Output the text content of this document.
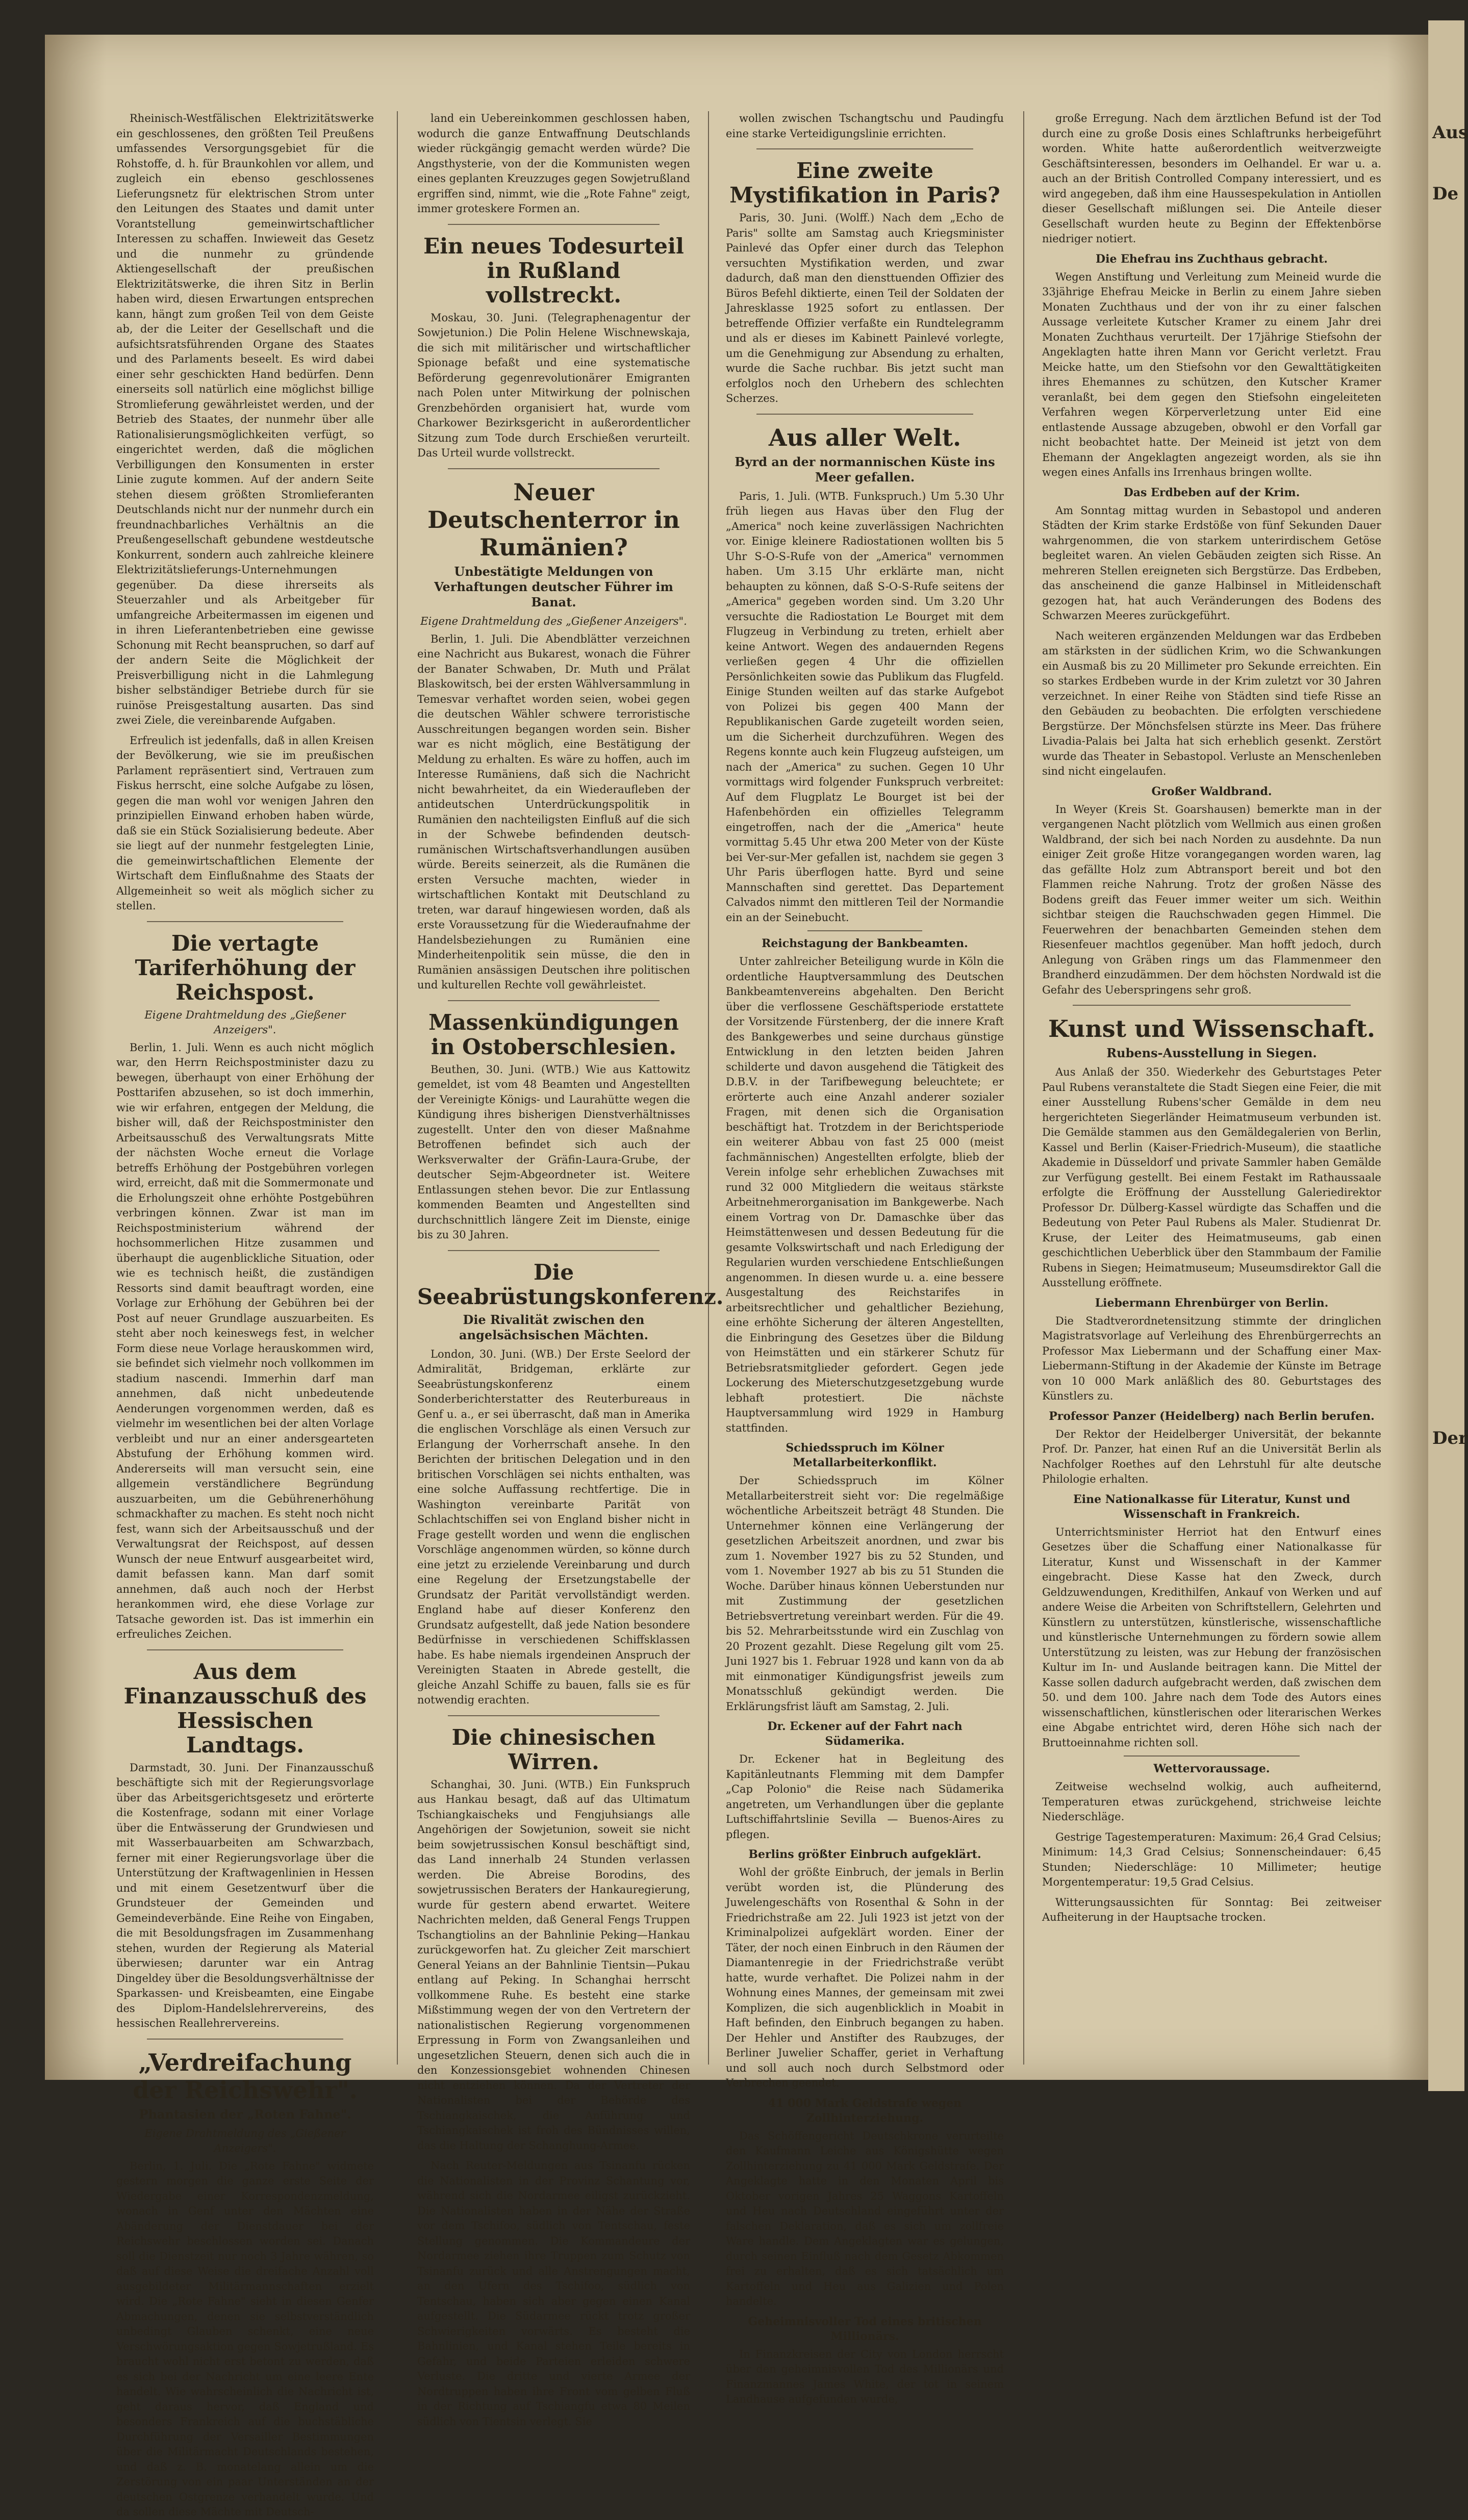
Rheinisch-Westfälischen Elektrizitätswerke ein geschlossenes, den größten Teil Preußens umfassendes Versorgungsgebiet für die Rohstoffe, d. h. für Braunkohlen vor allem, und zugleich ein ebenso geschlossenes Lieferungsnetz für elektrischen Strom unter den Leitungen des Staates und damit unter Vorantstellung gemeinwirtschaftlicher Interessen zu schaffen. Inwieweit das Gesetz und die nunmehr zu gründende Aktiengesellschaft der preußischen Elektrizitätswerke, die ihren Sitz in Berlin haben wird, diesen Erwartungen entsprechen kann, hängt zum großen Teil von dem Geiste ab, der die Leiter der Gesellschaft und die aufsichtsratsführenden Organe des Staates und des Parlaments beseelt. Es wird dabei einer sehr geschickten Hand bedürfen. Denn einerseits soll natürlich eine möglichst billige Stromlieferung gewährleistet werden, und der Betrieb des Staates, der nunmehr über alle Rationalisierungsmöglichkeiten verfügt, so eingerichtet werden, daß die möglichen Verbilligungen den Konsumenten in erster Linie zugute kommen. Auf der andern Seite stehen diesem größten Stromlieferanten Deutschlands nicht nur der nunmehr durch ein freundnachbarliches Verhältnis an die Preußengesellschaft gebundene westdeutsche Konkurrent, sondern auch zahlreiche kleinere Elektrizitätslieferungs-Unternehmungen gegenüber. Da diese ihrerseits als Steuerzahler und als Arbeitgeber für umfangreiche Arbeitermassen im eigenen und in ihren Lieferantenbetrieben eine gewisse Schonung mit Recht beanspruchen, so darf auf der andern Seite die Möglichkeit der Preisverbilligung nicht in die Lahmlegung bisher selbständiger Betriebe durch für sie ruinöse Preisgestaltung ausarten. Das sind zwei Ziele, die vereinbarende Aufgaben.

Erfreulich ist jedenfalls, daß in allen Kreisen der Bevölkerung, wie sie im preußischen Parlament repräsentiert sind, Vertrauen zum Fiskus herrscht, eine solche Aufgabe zu lösen, gegen die man wohl vor wenigen Jahren den prinzipiellen Einwand erhoben haben würde, daß sie ein Stück Sozialisierung bedeute. Aber sie liegt auf der nunmehr festgelegten Linie, die gemeinwirtschaftlichen Elemente der Wirtschaft dem Einflußnahme des Staats der Allgemeinheit so weit als möglich sicher zu stellen.

Die vertagte Tariferhöhung der Reichspost.
Eigene Drahtmeldung des „Gießener Anzeigers".

Berlin, 1. Juli. Wenn es auch nicht möglich war, den Herrn Reichspostminister dazu zu bewegen, überhaupt von einer Erhöhung der Posttarifen abzusehen, so ist doch immerhin, wie wir erfahren, entgegen der Meldung, die bisher will, daß der Reichspostminister den Arbeitsausschuß des Verwaltungsrats Mitte der nächsten Woche erneut die Vorlage betreffs Erhöhung der Postgebühren vorlegen wird, erreicht, daß mit die Sommermonate und die Erholungszeit ohne erhöhte Postgebühren verbringen können. Zwar ist man im Reichspostministerium während der hochsommerlichen Hitze zusammen und überhaupt die augenblickliche Situation, oder wie es technisch heißt, die zuständigen Ressorts sind damit beauftragt worden, eine Vorlage zur Erhöhung der Gebühren bei der Post auf neuer Grundlage auszuarbeiten. Es steht aber noch keineswegs fest, in welcher Form diese neue Vorlage herauskommen wird, sie befindet sich vielmehr noch vollkommen im stadium nascendi. Immerhin darf man annehmen, daß nicht unbedeutende Aenderungen vorgenommen werden, daß es vielmehr im wesentlichen bei der alten Vorlage verbleibt und nur an einer andersgearteten Abstufung der Erhöhung kommen wird. Andererseits will man versucht sein, eine allgemein verständlichere Begründung auszuarbeiten, um die Gebührenerhöhung schmackhafter zu machen. Es steht noch nicht fest, wann sich der Arbeitsausschuß und der Verwaltungsrat der Reichspost, auf dessen Wunsch der neue Entwurf ausgearbeitet wird, damit befassen kann. Man darf somit annehmen, daß auch noch der Herbst herankommen wird, ehe diese Vorlage zur Tatsache geworden ist. Das ist immerhin ein erfreuliches Zeichen.

Aus dem Finanzausschuß des Hessischen Landtags.

Darmstadt, 30. Juni. Der Finanzausschuß beschäftigte sich mit der Regierungsvorlage über das Arbeitsgerichtsgesetz und erörterte die Kostenfrage, sodann mit einer Vorlage über die Entwässerung der Grundwiesen und mit Wasserbauarbeiten am Schwarzbach, ferner mit einer Regierungsvorlage über die Unterstützung der Kraftwagenlinien in Hessen und mit einem Gesetzentwurf über die Grundsteuer der Gemeinden und Gemeindeverbände. Eine Reihe von Eingaben, die mit Besoldungsfragen im Zusammenhang stehen, wurden der Regierung als Material überwiesen; darunter war ein Antrag Dingeldey über die Besoldungsverhältnisse der Sparkassen- und Kreisbeamten, eine Eingabe des Diplom-Handelslehrervereins, des hessischen Reallehrervereins.

„Verdreifachung der Reichswehr".
Phantasien der „Roten Fahne".
Eigene Drahtmeldung des „Gießener Anzeigers".

Berlin, 1. Juli. Die „Rote Fahne" widmete gestern morgen die ganze erste Seite der Wiedergabe einer Korrespondenzmeldung, wonach in Genf unter den Mächten eine Abänderung der Dienstdauer bei der Reichswehr beschlossen worden sei. Danach soll die Dienstzeit nur noch 3 Jahre währen, so daß auf diese Weise die dreifache Anzahl voll ausgebildeter Militärmannschaften erzielt wird. Die „Rote Fahne" sieht in diesen Genfer Abmachungen, denen sie selbstverständlich unbedingt Glauben schenkt, eine neue Verschwörungsaktion gegen Sowjetrußland. Es braucht wohl nicht erst betont zu werden, daß es sich bei der Nachricht um eine leere Ente handelt. Wie wahrscheinlich die Nachricht ist, geht daraus hervor, daß England und besonders Frankreich auf die buchstäbliche Durchführung der Versailler Bestimmungen über die Militärmacht Deutschlands bestehen, und daß z. B. monatelang allein um die Zerstörung von ein paar Unterständen an der deutschen Ostgrenze verhandelt wurde. Und da sollen diese Mächte mit Deutsch-

land ein Uebereinkommen geschlossen haben, wodurch die ganze Entwaffnung Deutschlands wieder rückgängig gemacht werden würde? Die Angsthysterie, von der die Kommunisten wegen eines geplanten Kreuzzuges gegen Sowjetrußland ergriffen sind, nimmt, wie die „Rote Fahne" zeigt, immer groteskere Formen an.

Ein neues Todesurteil in Rußland vollstreckt.

Moskau, 30. Juni. (Telegraphenagentur der Sowjetunion.) Die Polin Helene Wischnewskaja, die sich mit militärischer und wirtschaftlicher Spionage befaßt und eine systematische Beförderung gegenrevolutionärer Emigranten nach Polen unter Mitwirkung der polnischen Grenzbehörden organisiert hat, wurde vom Charkower Bezirksgericht in außerordentlicher Sitzung zum Tode durch Erschießen verurteilt. Das Urteil wurde vollstreckt.

Neuer Deutschenterror in Rumänien?
Unbestätigte Meldungen von Verhaftungen deutscher Führer im Banat.
Eigene Drahtmeldung des „Gießener Anzeigers".

Berlin, 1. Juli. Die Abendblätter verzeichnen eine Nachricht aus Bukarest, wonach die Führer der Banater Schwaben, Dr. Muth und Prälat Blaskowitsch, bei der ersten Wählversammlung in Temesvar verhaftet worden seien, wobei gegen die deutschen Wähler schwere terroristische Ausschreitungen begangen worden sein. Bisher war es nicht möglich, eine Bestätigung der Meldung zu erhalten. Es wäre zu hoffen, auch im Interesse Rumäniens, daß sich die Nachricht nicht bewahrheitet, da ein Wiederaufleben der antideutschen Unterdrückungspolitik in Rumänien den nachteiligsten Einfluß auf die sich in der Schwebe befindenden deutsch-rumänischen Wirtschaftsverhandlungen ausüben würde. Bereits seinerzeit, als die Rumänen die ersten Versuche machten, wieder in wirtschaftlichen Kontakt mit Deutschland zu treten, war darauf hingewiesen worden, daß als erste Voraussetzung für die Wiederaufnahme der Handelsbeziehungen zu Rumänien eine Minderheitenpolitik sein müsse, die den in Rumänien ansässigen Deutschen ihre politischen und kulturellen Rechte voll gewährleistet.

Massenkündigungen in Ostoberschlesien.

Beuthen, 30. Juni. (WTB.) Wie aus Kattowitz gemeldet, ist vom 48 Beamten und Angestellten der Vereinigte Königs- und Laurahütte wegen die Kündigung ihres bisherigen Dienstverhältnisses zugestellt. Unter den von dieser Maßnahme Betroffenen befindet sich auch der Werksverwalter der Gräfin-Laura-Grube, der deutscher Sejm-Abgeordneter ist. Weitere Entlassungen stehen bevor. Die zur Entlassung kommenden Beamten und Angestellten sind durchschnittlich längere Zeit im Dienste, einige bis zu 30 Jahren.

Die Seeabrüstungskonferenz.
Die Rivalität zwischen den angelsächsischen Mächten.

London, 30. Juni. (WB.) Der Erste Seelord der Admiralität, Bridgeman, erklärte zur Seeabrüstungskonferenz einem Sonderberichterstatter des Reuterbureaus in Genf u. a., er sei überrascht, daß man in Amerika die englischen Vorschläge als einen Versuch zur Erlangung der Vorherrschaft ansehe. In den Berichten der britischen Delegation und in den britischen Vorschlägen sei nichts enthalten, was eine solche Auffassung rechtfertige. Die in Washington vereinbarte Parität von Schlachtschiffen sei von England bisher nicht in Frage gestellt worden und wenn die englischen Vorschläge angenommen würden, so könne durch eine jetzt zu erzielende Vereinbarung und durch eine Regelung der Ersetzungstabelle der Grundsatz der Parität vervollständigt werden. England habe auf dieser Konferenz den Grundsatz aufgestellt, daß jede Nation besondere Bedürfnisse in verschiedenen Schiffsklassen habe. Es habe niemals irgendeinen Anspruch der Vereinigten Staaten in Abrede gestellt, die gleiche Anzahl Schiffe zu bauen, falls sie es für notwendig erachten.

Die chinesischen Wirren.

Schanghai, 30. Juni. (WTB.) Ein Funkspruch aus Hankau besagt, daß auf das Ultimatum Tschiangkaischeks und Fengjuhsiangs alle Angehörigen der Sowjetunion, soweit sie nicht beim sowjetrussischen Konsul beschäftigt sind, das Land innerhalb 24 Stunden verlassen werden. Die Abreise Borodins, des sowjetrussischen Beraters der Hankauregierung, wurde für gestern abend erwartet. Weitere Nachrichten melden, daß General Fengs Truppen Tschangtiolins an der Bahnlinie Peking—Hankau zurückgeworfen hat. Zu gleicher Zeit marschiert General Yeians an der Bahnlinie Tientsin—Pukau entlang auf Peking. In Schanghai herrscht vollkommene Ruhe. Es besteht eine starke Mißstimmung wegen der von den Vertretern der nationalistischen Regierung vorgenommenen Erpressung in Form von Zwangsanleihen und ungesetzlichen Steuern, denen sich auch die in den Konzessionsgebiet wohnenden Chinesen nicht entziehen können. Da der Vertreter der Nationalisten bei der Behörde des Tschiangkaischek, die Anführung und Tschiangkaischek ist froh des Bündnisses willen, das die Haltung der Schanghung-Armee.

Nach Reuter-Meldungen aus Tsinanfu rücken die Nationalisten in der Provinz Schantung vor, während sich die Nordarmee eiligst zurückzieht. Die Nationalisten haben in der Nähe der Straße vor dem Tschifoo, südlich von Tentschau, feste Stellung genommen. Die Kommandeure der Nordarmee ziehen ihre Truppen zum Schutz von Tsinanfu zurück und alle Anstrengungen macht, an den Ufern des Tschifoo, südlich von Tentschau, haben sich aber gegen einen Kanal aufgestellt. Die Südarmee rückt trotz großer Schwierigkeiten vorwärts. Es besteht die Bahnlinien, und Kanal stehen Teile bereits in Gefahr, und beide Parteien erleiden schwere Verluste. Die dritte und vierte Armee der Nordtruppen haben ihre Front vom gelben Fluß in der Richtung auf Tschiangfu etwa 80 Meilen südlich von Tientsin verlegt. Sie

wollen zwischen Tschangtschu und Paudingfu eine starke Verteidigungslinie errichten.

Eine zweite Mystifikation in Paris?

Paris, 30. Juni. (Wolff.) Nach dem „Echo de Paris" sollte am Samstag auch Kriegsminister Painlevé das Opfer einer durch das Telephon versuchten Mystifikation werden, und zwar dadurch, daß man den diensttuenden Offizier des Büros Befehl diktierte, einen Teil der Soldaten der Jahresklasse 1925 sofort zu entlassen. Der betreffende Offizier verfaßte ein Rundtelegramm und als er dieses im Kabinett Painlevé vorlegte, um die Genehmigung zur Absendung zu erhalten, wurde die Sache ruchbar. Bis jetzt sucht man erfolglos noch den Urhebern des schlechten Scherzes.

Aus aller Welt.
Byrd an der normannischen Küste ins Meer gefallen.

Paris, 1. Juli. (WTB. Funkspruch.) Um 5.30 Uhr früh liegen aus Havas über den Flug der „America" noch keine zuverlässigen Nachrichten vor. Einige kleinere Radiostationen wollten bis 5 Uhr S-O-S-Rufe von der „America" vernommen haben. Um 3.15 Uhr erklärte man, nicht behaupten zu können, daß S-O-S-Rufe seitens der „America" gegeben worden sind. Um 3.20 Uhr versuchte die Radiostation Le Bourget mit dem Flugzeug in Verbindung zu treten, erhielt aber keine Antwort. Wegen des andauernden Regens verließen gegen 4 Uhr die offiziellen Persönlichkeiten sowie das Publikum das Flugfeld. Einige Stunden weilten auf das starke Aufgebot von Polizei bis gegen 400 Mann der Republikanischen Garde zugeteilt worden seien, um die Sicherheit durchzuführen. Wegen des Regens konnte auch kein Flugzeug aufsteigen, um nach der „America" zu suchen. Gegen 10 Uhr vormittags wird folgender Funkspruch verbreitet: Auf dem Flugplatz Le Bourget ist bei der Hafenbehörden ein offizielles Telegramm eingetroffen, nach der die „America" heute vormittag 5.45 Uhr etwa 200 Meter von der Küste bei Ver-sur-Mer gefallen ist, nachdem sie gegen 3 Uhr Paris überflogen hatte. Byrd und seine Mannschaften sind gerettet. Das Departement Calvados nimmt den mittleren Teil der Normandie ein an der Seinebucht.

Reichstagung der Bankbeamten.

Unter zahlreicher Beteiligung wurde in Köln die ordentliche Hauptversammlung des Deutschen Bankbeamtenvereins abgehalten. Den Bericht über die verflossene Geschäftsperiode erstattete der Vorsitzende Fürstenberg, der die innere Kraft des Bankgewerbes und seine durchaus günstige Entwicklung in den letzten beiden Jahren schilderte und davon ausgehend die Tätigkeit des D.B.V. in der Tarifbewegung beleuchtete; er erörterte auch eine Anzahl anderer sozialer Fragen, mit denen sich die Organisation beschäftigt hat. Trotzdem in der Berichtsperiode ein weiterer Abbau von fast 25 000 (meist fachmännischen) Angestellten erfolgte, blieb der Verein infolge sehr erheblichen Zuwachses mit rund 32 000 Mitgliedern die weitaus stärkste Arbeitnehmerorganisation im Bankgewerbe. Nach einem Vortrag von Dr. Damaschke über das Heimstättenwesen und dessen Bedeutung für die gesamte Volkswirtschaft und nach Erledigung der Regularien wurden verschiedene Entschließungen angenommen. In diesen wurde u. a. eine bessere Ausgestaltung des Reichstarifes in arbeitsrechtlicher und gehaltlicher Beziehung, eine erhöhte Sicherung der älteren Angestellten, die Einbringung des Gesetzes über die Bildung von Heimstätten und ein stärkerer Schutz für Betriebsratsmitglieder gefordert. Gegen jede Lockerung des Mieterschutzgesetzgebung wurde lebhaft protestiert. Die nächste Hauptversammlung wird 1929 in Hamburg stattfinden.

Schiedsspruch im Kölner Metallarbeiterkonflikt.

Der Schiedsspruch im Kölner Metallarbeiterstreit sieht vor: Die regelmäßige wöchentliche Arbeitszeit beträgt 48 Stunden. Die Unternehmer können eine Verlängerung der gesetzlichen Arbeitszeit anordnen, und zwar bis zum 1. November 1927 bis zu 52 Stunden, und vom 1. November 1927 ab bis zu 51 Stunden die Woche. Darüber hinaus können Ueberstunden nur mit Zustimmung der gesetzlichen Betriebsvertretung vereinbart werden. Für die 49. bis 52. Mehrarbeitsstunde wird ein Zuschlag von 20 Prozent gezahlt. Diese Regelung gilt vom 25. Juni 1927 bis 1. Februar 1928 und kann von da ab mit einmonatiger Kündigungsfrist jeweils zum Monatsschluß gekündigt werden. Die Erklärungsfrist läuft am Samstag, 2. Juli.

Dr. Eckener auf der Fahrt nach Südamerika.

Dr. Eckener hat in Begleitung des Kapitänleutnants Flemming mit dem Dampfer „Cap Polonio" die Reise nach Südamerika angetreten, um Verhandlungen über die geplante Luftschiffahrtslinie Sevilla — Buenos-Aires zu pflegen.

Berlins größter Einbruch aufgeklärt.

Wohl der größte Einbruch, der jemals in Berlin verübt worden ist, die Plünderung des Juwelengeschäfts von Rosenthal & Sohn in der Friedrichstraße am 22. Juli 1923 ist jetzt von der Kriminalpolizei aufgeklärt worden. Einer der Täter, der noch einen Einbruch in den Räumen der Diamantenregie in der Friedrichstraße verübt hatte, wurde verhaftet. Die Polizei nahm in der Wohnung eines Mannes, der gemeinsam mit zwei Komplizen, die sich augenblicklich in Moabit in Haft befinden, den Einbruch begangen zu haben. Der Hehler und Anstifter des Raubzuges, der Berliner Juwelier Schaffer, geriet in Verhaftung und soll auch noch durch Selbstmord oder Verbrechen geendet.

41 000 Mark Geldstrafe wegen Zollhinterziehung.

Das Schöffengericht Deutschkrone verurteilte den Kaufmann Leiche aus Königshütte wegen Zollhinterziehung zu 41 000 Mark Geldstrafe. Der Angeklagte hatte in den Monaten April bis Oktober vorigen Jahres 25 Waggons Kartoffeln und Heu nach Deutschland eingeführt unter der falschen Deklaration, daß es sich um zollfreie Ware handle. Dem Angeklagten war es gelungen, durch seinen Einfluß nach dem Gesetz Abkommen frei zu erhalten, daß es sich tatsächlich um Kartoffeln und Heu aus Galizien und Polen handelte.

Geheimnisvoller Tod eines britischen Millionärs.

In Finanzkreisen der City von London herrscht über den geheimnisvollen Tod des Millionärs und Finanzmannes James White, der tot in seinem Landhause aufgefunden wurde,

große Erregung. Nach dem ärztlichen Befund ist der Tod durch eine zu große Dosis eines Schlaftrunks herbeigeführt worden. White hatte außerordentlich weitverzweigte Geschäftsinteressen, besonders im Oelhandel. Er war u. a. auch an der British Controlled Company interessiert, und es wird angegeben, daß ihm eine Haussespekulation in Antiollen dieser Gesellschaft mißlungen sei. Die Anteile dieser Gesellschaft wurden heute zu Beginn der Effektenbörse niedriger notiert.

Die Ehefrau ins Zuchthaus gebracht.

Wegen Anstiftung und Verleitung zum Meineid wurde die 33jährige Ehefrau Meicke in Berlin zu einem Jahre sieben Monaten Zuchthaus und der von ihr zu einer falschen Aussage verleitete Kutscher Kramer zu einem Jahr drei Monaten Zuchthaus verurteilt. Der 17jährige Stiefsohn der Angeklagten hatte ihren Mann vor Gericht verletzt. Frau Meicke hatte, um den Stiefsohn vor den Gewalttätigkeiten ihres Ehemannes zu schützen, den Kutscher Kramer veranlaßt, bei dem gegen den Stiefsohn eingeleiteten Verfahren wegen Körperverletzung unter Eid eine entlastende Aussage abzugeben, obwohl er den Vorfall gar nicht beobachtet hatte. Der Meineid ist jetzt von dem Ehemann der Angeklagten angezeigt worden, als sie ihn wegen eines Anfalls ins Irrenhaus bringen wollte.

Das Erdbeben auf der Krim.

Am Sonntag mittag wurden in Sebastopol und anderen Städten der Krim starke Erdstöße von fünf Sekunden Dauer wahrgenommen, die von starkem unterirdischem Getöse begleitet waren. An vielen Gebäuden zeigten sich Risse. An mehreren Stellen ereigneten sich Bergstürze. Das Erdbeben, das anscheinend die ganze Halbinsel in Mitleidenschaft gezogen hat, hat auch Veränderungen des Bodens des Schwarzen Meeres zurückgeführt.

Nach weiteren ergänzenden Meldungen war das Erdbeben am stärksten in der südlichen Krim, wo die Schwankungen ein Ausmaß bis zu 20 Millimeter pro Sekunde erreichten. Ein so starkes Erdbeben wurde in der Krim zuletzt vor 30 Jahren verzeichnet. In einer Reihe von Städten sind tiefe Risse an den Gebäuden zu beobachten. Die erfolgten verschiedene Bergstürze. Der Mönchsfelsen stürzte ins Meer. Das frühere Livadia-Palais bei Jalta hat sich erheblich gesenkt. Zerstört wurde das Theater in Sebastopol. Verluste an Menschenleben sind nicht eingelaufen.

Großer Waldbrand.

In Weyer (Kreis St. Goarshausen) bemerkte man in der vergangenen Nacht plötzlich vom Wellmich aus einen großen Waldbrand, der sich bei nach Norden zu ausdehnte. Da nun einiger Zeit große Hitze vorangegangen worden waren, lag das gefällte Holz zum Abtransport bereit und bot den Flammen reiche Nahrung. Trotz der großen Nässe des Bodens greift das Feuer immer weiter um sich. Weithin sichtbar steigen die Rauchschwaden gegen Himmel. Die Feuerwehren der benachbarten Gemeinden stehen dem Riesenfeuer machtlos gegenüber. Man hofft jedoch, durch Anlegung von Gräben rings um das Flammenmeer den Brandherd einzudämmen. Der dem höchsten Nordwald ist die Gefahr des Ueberspringens sehr groß.

Kunst und Wissenschaft.
Rubens-Ausstellung in Siegen.

Aus Anlaß der 350. Wiederkehr des Geburtstages Peter Paul Rubens veranstaltete die Stadt Siegen eine Feier, die mit einer Ausstellung Rubens'scher Gemälde in dem neu hergerichteten Siegerländer Heimatmuseum verbunden ist. Die Gemälde stammen aus den Gemäldegalerien von Berlin, Kassel und Berlin (Kaiser-Friedrich-Museum), die staatliche Akademie in Düsseldorf und private Sammler haben Gemälde zur Verfügung gestellt. Bei einem Festakt im Rathaussaale erfolgte die Eröffnung der Ausstellung Galeriedirektor Professor Dr. Dülberg-Kassel würdigte das Schaffen und die Bedeutung von Peter Paul Rubens als Maler. Studienrat Dr. Kruse, der Leiter des Heimatmuseums, gab einen geschichtlichen Ueberblick über den Stammbaum der Familie Rubens in Siegen; Heimatmuseum; Museumsdirektor Gall die Ausstellung eröffnete.

Liebermann Ehrenbürger von Berlin.

Die Stadtverordnetensitzung stimmte der dringlichen Magistratsvorlage auf Verleihung des Ehrenbürgerrechts an Professor Max Liebermann und der Schaffung einer Max-Liebermann-Stiftung in der Akademie der Künste im Betrage von 10 000 Mark anläßlich des 80. Geburtstages des Künstlers zu.

Professor Panzer (Heidelberg) nach Berlin berufen.

Der Rektor der Heidelberger Universität, der bekannte Prof. Dr. Panzer, hat einen Ruf an die Universität Berlin als Nachfolger Roethes auf den Lehrstuhl für alte deutsche Philologie erhalten.

Eine Nationalkasse für Literatur, Kunst und Wissenschaft in Frankreich.

Unterrichtsminister Herriot hat den Entwurf eines Gesetzes über die Schaffung einer Nationalkasse für Literatur, Kunst und Wissenschaft in der Kammer eingebracht. Diese Kasse hat den Zweck, durch Geldzuwendungen, Kredithilfen, Ankauf von Werken und auf andere Weise die Arbeiten von Schriftstellern, Gelehrten und Künstlern zu unterstützen, künstlerische, wissenschaftliche und künstlerische Unternehmungen zu fördern sowie allem Unterstützung zu leisten, was zur Hebung der französischen Kultur im In- und Auslande beitragen kann. Die Mittel der Kasse sollen dadurch aufgebracht werden, daß zwischen dem 50. und dem 100. Jahre nach dem Tode des Autors eines wissenschaftlichen, künstlerischen oder literarischen Werkes eine Abgabe entrichtet wird, deren Höhe sich nach der Bruttoeinnahme richten soll.

Wettervoraussage.

Zeitweise wechselnd wolkig, auch aufheiternd, Temperaturen etwas zurückgehend, strichweise leichte Niederschläge.

Gestrige Tagestemperaturen: Maximum: 26,4 Grad Celsius; Minimum: 14,3 Grad Celsius; Sonnenscheindauer: 6,45 Stunden; Niederschläge: 10 Millimeter; heutige Morgentemperatur: 19,5 Grad Celsius.

Witterungsaussichten für Sonntag: Bei zeitweiser Aufheiterung in der Hauptsache trocken.

Aus
De
Der
